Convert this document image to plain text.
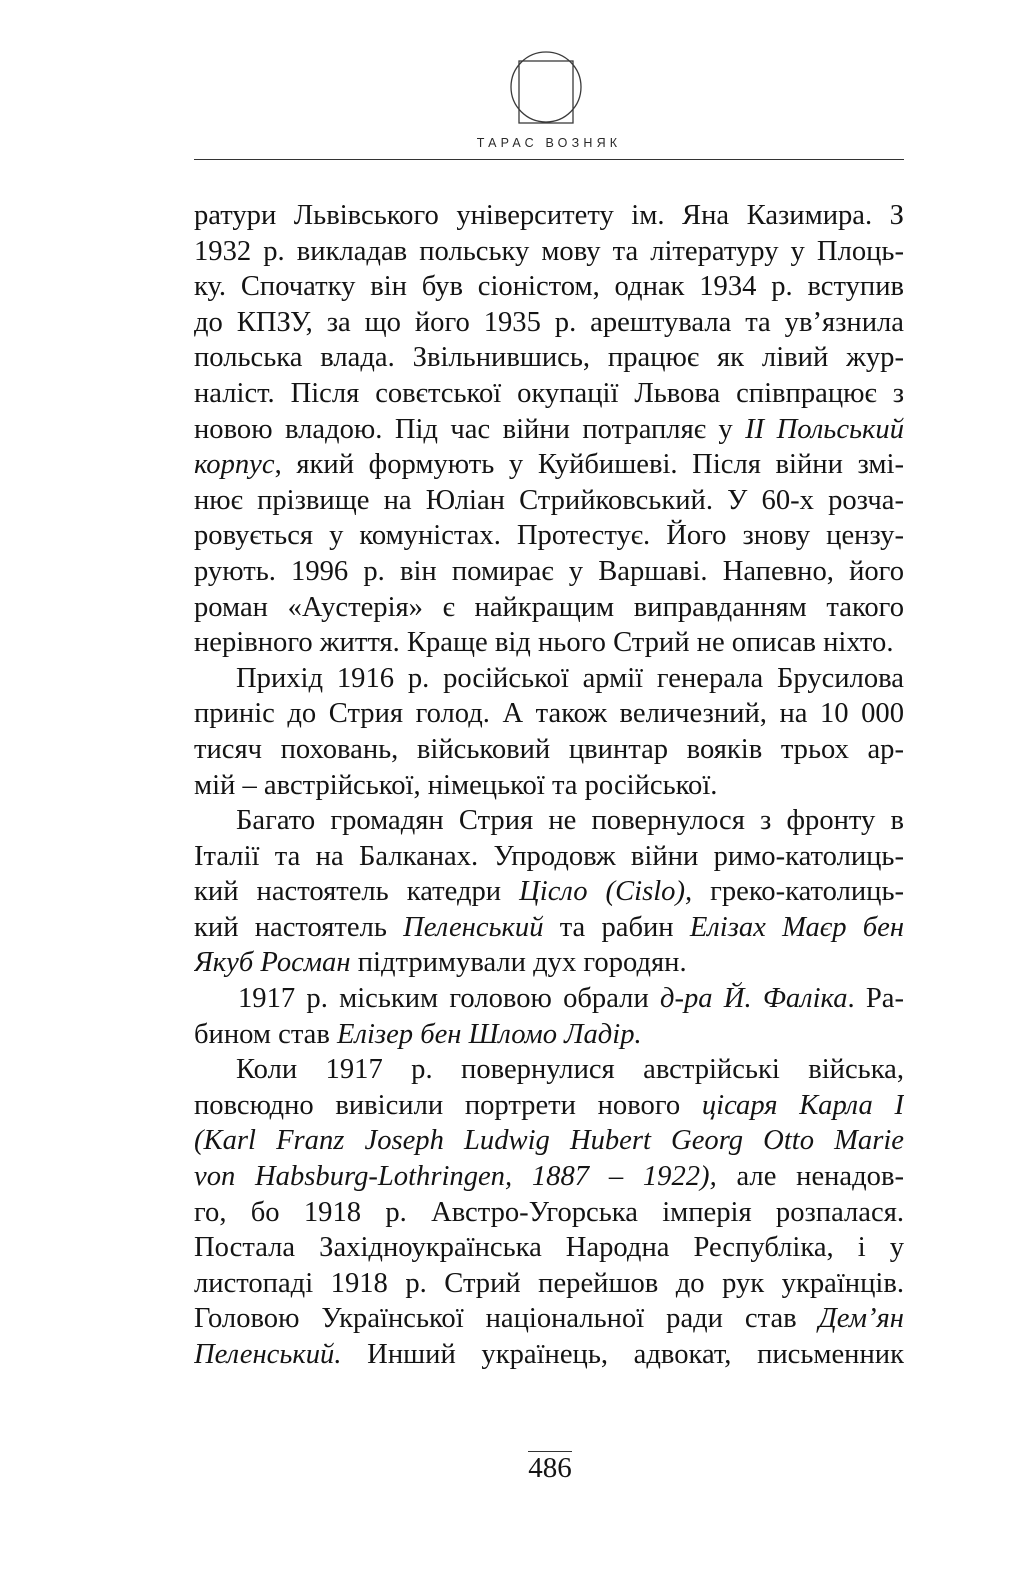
ТАРАС ВОЗНЯК
ратури Львівського університету ім. Яна Казимира. З
1932 р. викладав польську мову та літературу у Плоць-
ку. Спочатку він був сіоністом, однак 1934 р. вступив
до КПЗУ, за що його 1935 р. арештувала та ув’язнила
польська влада. Звільнившись, працює як лівий жур-
наліст. Після совєтської окупації Львова співпрацює з
новою владою. Під час війни потрапляє у ІІ Польський
корпус, який формують у Куйбишеві. Після війни змі-
нює прізвище на Юліан Стрийковський. У 60-х розча-
ровується у комуністах. Протестує. Його знову цензу-
рують. 1996 р. він помирає у Варшаві. Напевно, його
роман «Аустерія» є найкращим виправданням такого
нерівного життя. Краще від нього Стрий не описав ніхто.
Прихід 1916 р. російської армії генерала Брусилова
приніс до Стрия голод. А також величезний, на 10 000
тисяч поховань, військовий цвинтар вояків трьох ар-
мій – австрійської, німецької та російської.
Багато громадян Стрия не повернулося з фронту в
Італії та на Балканах. Упродовж війни римо-католиць-
кий настоятель катедри Цісло (Cislo), греко-католиць-
кий настоятель Пеленський та рабин Елізах Маєр бен
Якуб Росман підтримували дух городян.
1917 р. міським головою обрали д-ра Й. Фаліка. Ра-
бином став Елізер бен Шломо Ладір.
Коли 1917 р. повернулися австрійські війська,
повсюдно вивісили портрети нового цісаря Карла І
(Karl Franz Joseph Ludwig Hubert Georg Otto Marie
von Habsburg-Lothringen, 1887 – 1922), але ненадов-
го, бо 1918 р. Австро-Угорська імперія розпалася.
Постала Західноукраїнська Народна Республіка, і у
листопаді 1918 р. Стрий перейшов до рук українців.
Головою Української національної ради став Дем’ян
Пеленський. Инший українець, адвокат, письменник
486
